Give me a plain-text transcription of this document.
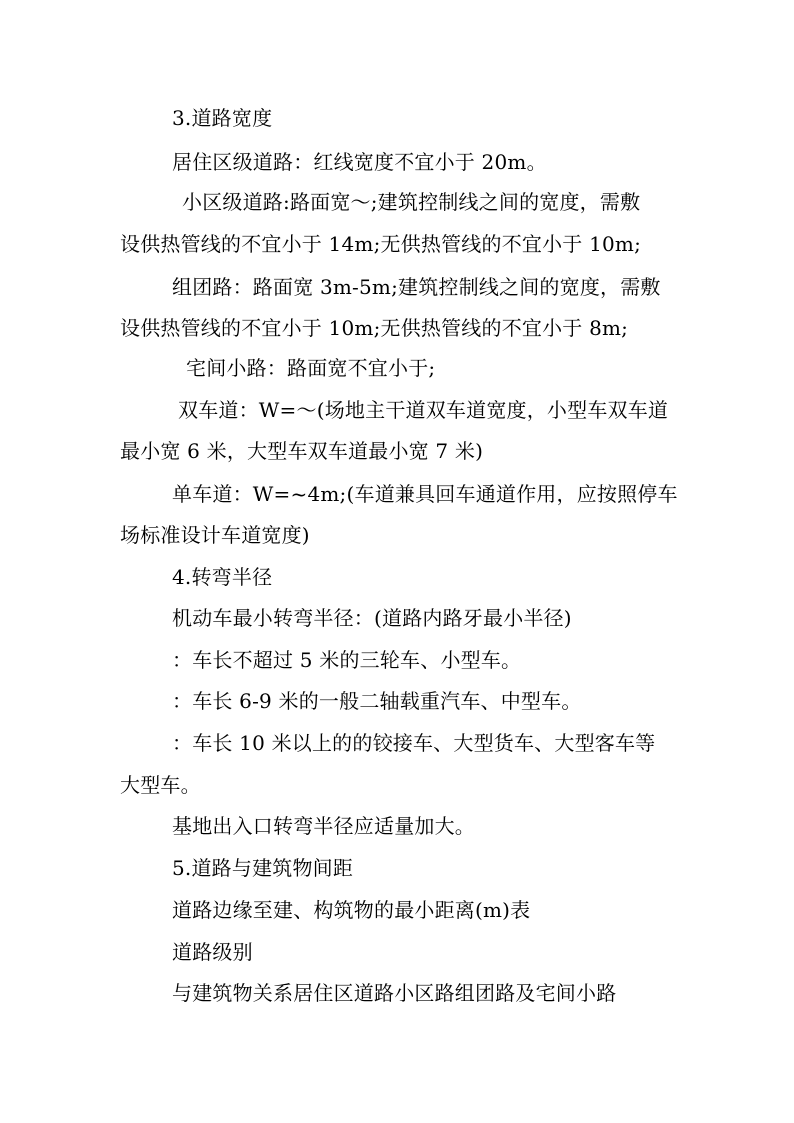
3.道路宽度
居住区级道路：红线宽度不宜小于 20m。
小区级道路:路面宽～;建筑控制线之间的宽度，需敷
设供热管线的不宜小于 14m;无供热管线的不宜小于 10m;
组团路：路面宽 3m-5m;建筑控制线之间的宽度，需敷
设供热管线的不宜小于 10m;无供热管线的不宜小于 8m;
宅间小路：路面宽不宜小于;
双车道：W=～(场地主干道双车道宽度，小型车双车道
最小宽 6 米，大型车双车道最小宽 7 米)
单车道：W=~4m;(车道兼具回车通道作用，应按照停车
场标准设计车道宽度)
4.转弯半径
机动车最小转弯半径：(道路内路牙最小半径)
：车长不超过 5 米的三轮车、小型车。
：车长 6-9 米的一般二轴载重汽车、中型车。
：车长 10 米以上的的铰接车、大型货车、大型客车等
大型车。
基地出入口转弯半径应适量加大。
5.道路与建筑物间距
道路边缘至建、构筑物的最小距离(m)表
道路级别
与建筑物关系居住区道路小区路组团路及宅间小路
